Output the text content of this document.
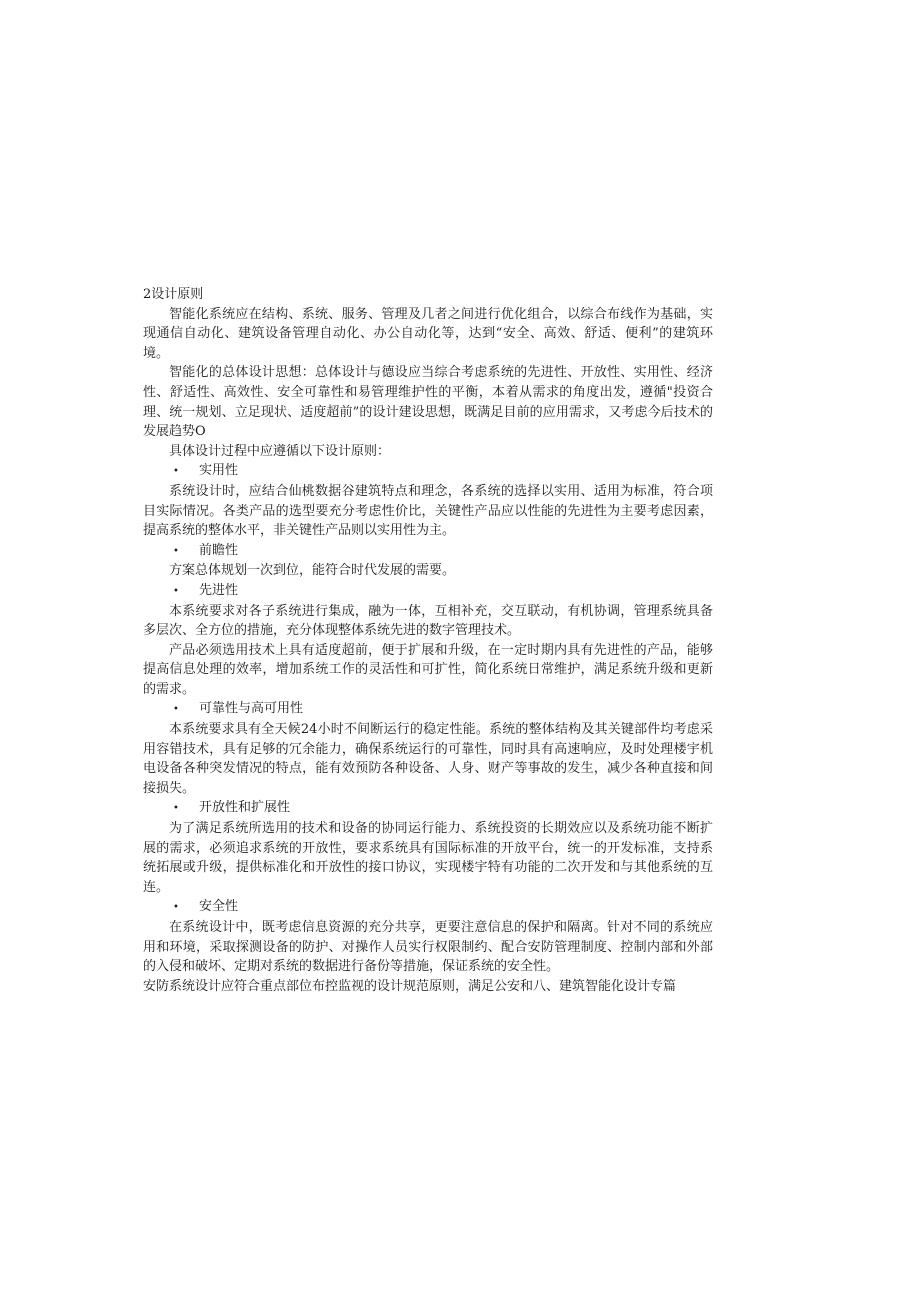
2设计原则

智能化系统应在结构、系统、服务、管理及几者之间进行优化组合，以综合布线作为基础，实现通信自动化、建筑设备管理自动化、办公自动化等，达到“安全、高效、舒适、便利”的建筑环境。

智能化的总体设计思想：总体设计与德设应当综合考虑系统的先进性、开放性、实用性、经济性、舒适性、高效性、安全可靠性和易管理维护性的平衡，本着从需求的角度出发，遵循"投资合理、统一规划、立足现状、适度超前”的设计建设思想，既满足目前的应用需求，又考虑今后技术的发展趋势O

具体设计过程中应遵循以下设计原则：

•	实用性

系统设计时，应结合仙桃数据谷建筑特点和理念，各系统的选择以实用、适用为标准，符合项目实际情况。各类产品的选型要充分考虑性价比，关键性产品应以性能的先进性为主要考虑因素，提高系统的整体水平，非关键性产品则以实用性为主。

•	前瞻性

方案总体规划一次到位，能符合时代发展的需要。

•	先进性

本系统要求对各子系统进行集成，融为一体，互相补充，交互联动，有机协调，管理系统具备多层次、全方位的措施，充分体现整体系统先进的数字管理技术。

产品必须选用技术上具有适度超前，便于扩展和升级，在一定时期内具有先进性的产品，能够提高信息处理的效率，增加系统工作的灵活性和可扩性，简化系统日常维护，满足系统升级和更新的需求。

•	可靠性与高可用性

本系统要求具有全天候24小时不间断运行的稳定性能。系统的整体结构及其关键部件均考虑采用容错技术，具有足够的冗余能力，确保系统运行的可靠性，同时具有高速响应，及时处理楼宇机电设备各种突发情况的特点，能有效预防各种设备、人身、财产等事故的发生，减少各种直接和间接损失。

•	开放性和扩展性

为了满足系统所选用的技术和设备的协同运行能力、系统投资的长期效应以及系统功能不断扩展的需求，必须追求系统的开放性，要求系统具有国际标准的开放平台，统一的开发标准，支持系统拓展或升级，提供标准化和开放性的接口协议，实现楼宇特有功能的二次开发和与其他系统的互连。

•	安全性

在系统设计中，既考虑信息资源的充分共享，更要注意信息的保护和隔离。针对不同的系统应用和环境，采取探测设备的防护、对操作人员实行权限制约、配合安防管理制度、控制内部和外部的入侵和破坏、定期对系统的数据进行备份等措施，保证系统的安全性。

安防系统设计应符合重点部位布控监视的设计规范原则，满足公安和八、建筑智能化设计专篇
